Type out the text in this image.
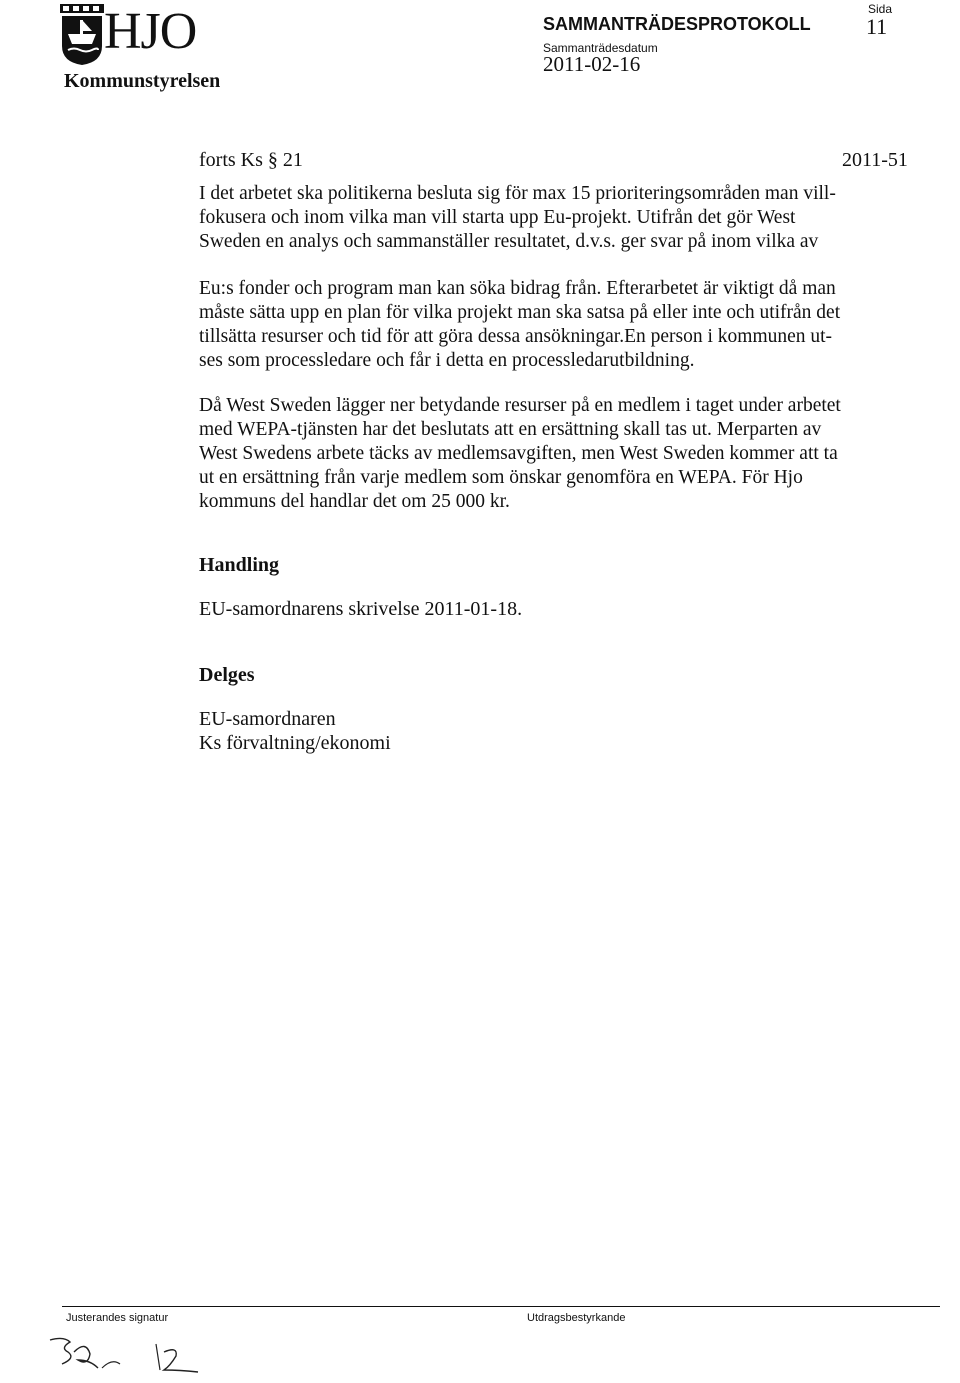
HJO	SAMMANTRÄDESPROTOKOLL
Sammanträdesdatum
2011-02-16
Sida
11
Kommunstyrelsen
forts Ks § 21	2011-51

I det arbetet ska politikerna besluta sig för max 15 prioriteringsområden man vill-

fokusera och inom vilka man vill starta upp Eu-projekt. Utifrån det gör West

Sweden en analys och sammanställer resultatet, d.v.s. ger svar på inom vilka av

Eu:s fonder och program man kan söka bidrag från. Efterarbetet är viktigt då man

måste sätta upp en plan för vilka projekt man ska satsa på eller inte och utifrån det

tillsätta resurser och tid för att göra dessa ansökningar.En person i kommunen ut-

ses som processledare och får i detta en processledarutbildning.

Då West Sweden lägger ner betydande resurser på en medlem i taget under arbetet

med WEPA-tjänsten har det beslutats att en ersättning skall tas ut. Merparten av

West Swedens arbete täcks av medlemsavgiften, men West Sweden kommer att ta

ut en ersättning från varje medlem som önskar genomföra en WEPA. För Hjo

kommuns del handlar det om 25 000 kr.

Handling
EU-samordnarens skrivelse 2011-01-18.
Delges
EU-samordnaren
Ks förvaltning/ekonomi
Justerandes signatur	Utdragsbestyrkande
